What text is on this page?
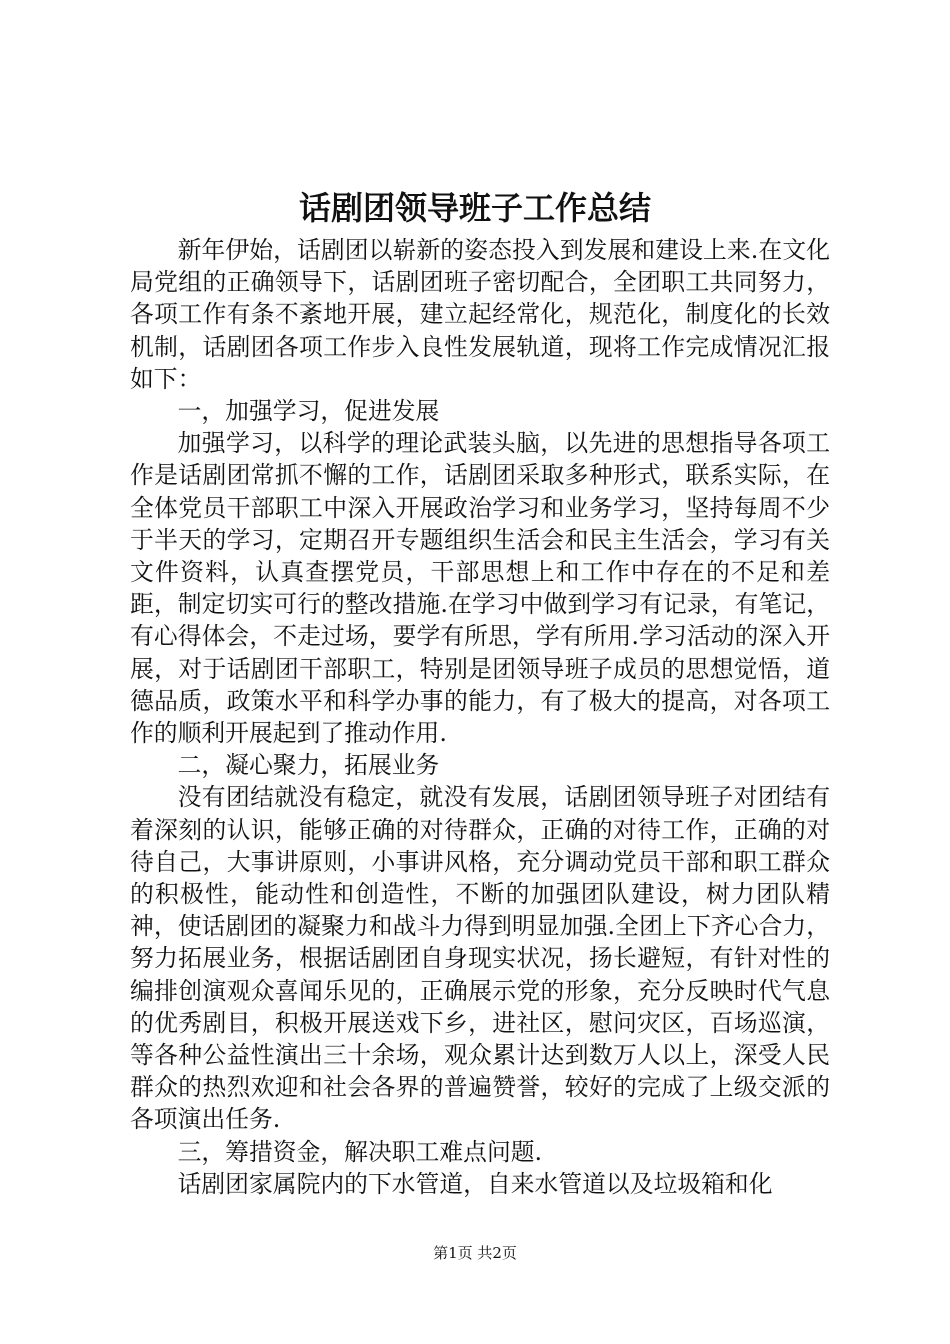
话剧团领导班子工作总结

新年伊始，话剧团以崭新的姿态投入到发展和建设上来.在文化局党组的正确领导下，话剧团班子密切配合，全团职工共同努力，各项工作有条不紊地开展，建立起经常化，规范化，制度化的长效机制，话剧团各项工作步入良性发展轨道，现将工作完成情况汇报如下：

一，加强学习，促进发展

加强学习，以科学的理论武装头脑，以先进的思想指导各项工作是话剧团常抓不懈的工作，话剧团采取多种形式，联系实际，在全体党员干部职工中深入开展政治学习和业务学习，坚持每周不少于半天的学习，定期召开专题组织生活会和民主生活会，学习有关文件资料，认真查摆党员，干部思想上和工作中存在的不足和差距，制定切实可行的整改措施.在学习中做到学习有记录，有笔记，有心得体会，不走过场，要学有所思，学有所用.学习活动的深入开展，对于话剧团干部职工，特别是团领导班子成员的思想觉悟，道德品质，政策水平和科学办事的能力，有了极大的提高，对各项工作的顺利开展起到了推动作用.

二，凝心聚力，拓展业务

没有团结就没有稳定，就没有发展，话剧团领导班子对团结有着深刻的认识，能够正确的对待群众，正确的对待工作，正确的对待自己，大事讲原则，小事讲风格，充分调动党员干部和职工群众的积极性，能动性和创造性，不断的加强团队建设，树力团队精神，使话剧团的凝聚力和战斗力得到明显加强.全团上下齐心合力，努力拓展业务，根据话剧团自身现实状况，扬长避短，有针对性的编排创演观众喜闻乐见的，正确展示党的形象，充分反映时代气息的优秀剧目，积极开展送戏下乡，进社区，慰问灾区，百场巡演，等各种公益性演出三十余场，观众累计达到数万人以上，深受人民群众的热烈欢迎和社会各界的普遍赞誉，较好的完成了上级交派的各项演出任务.

三，筹措资金，解决职工难点问题.

话剧团家属院内的下水管道，自来水管道以及垃圾箱和化

第1页 共2页
